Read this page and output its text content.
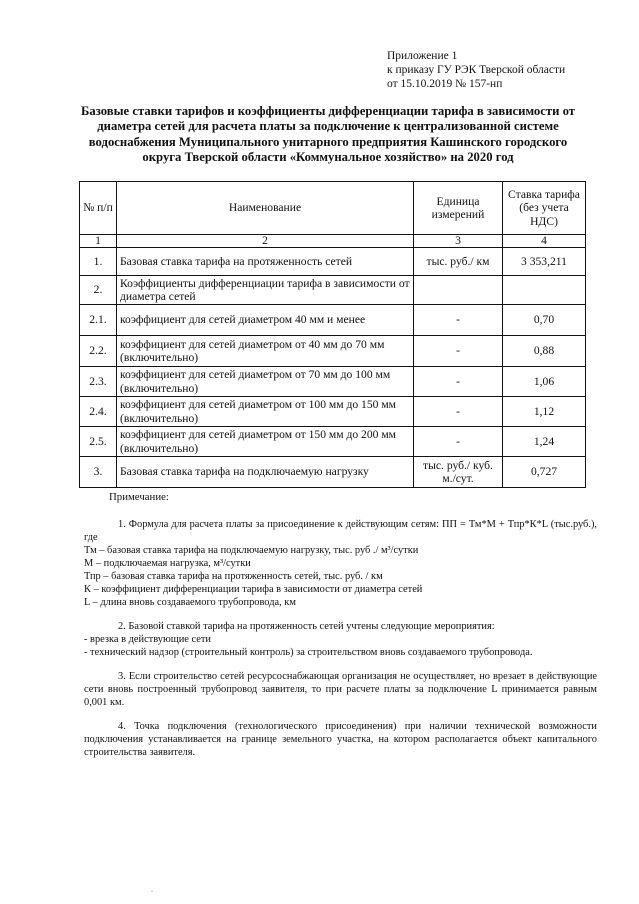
Приложение 1
к приказу ГУ РЭК Тверской области
от 15.10.2019 № 157-нп
Базовые ставки тарифов и коэффициенты дифференциации тарифа в зависимости от диаметра сетей для расчета платы за подключение к централизованной системе водоснабжения Муниципального унитарного предприятия Кашинского городского округа Тверской области «Коммунальное хозяйство» на 2020 год
№ п/п	Наименование	Единица измерений	Ставка тарифа (без учета НДС)
1	2	3	4
1.	Базовая ставка тарифа на протяженность сетей	тыс. руб./ км	3 353,211
2.	Коэффициенты дифференциации тарифа в зависимости от диаметра сетей		
2.1.	коэффициент для сетей диаметром 40 мм и менее	-	0,70
2.2.	коэффициент для сетей диаметром от 40 мм до 70 мм (включительно)	-	0,88
2.3.	коэффициент для сетей диаметром от 70 мм до 100 мм (включительно)	-	1,06
2.4.	коэффициент для сетей диаметром от 100 мм до 150 мм (включительно)	-	1,12
2.5.	коэффициент для сетей диаметром от 150 мм до 200 мм (включительно)	-	1,24
3.	Базовая ставка тарифа на подключаемую нагрузку	тыс. руб./ куб. м./сут.	0,727
Примечание:

1. Формула для расчета платы за присоединение к действующим сетям: ПП = Тм*М + Тпр*К*L (тыс.руб.), где

Тм – базовая ставка тарифа на подключаемую нагрузку, тыс. руб ./ м³/сутки

М – подключаемая нагрузка, м³/сутки

Тпр – базовая ставка тарифа на протяженность сетей, тыс. руб. / км

К – коэффициент дифференциации тарифа в зависимости от диаметра сетей

L – длина вновь создаваемого трубопровода, км

2. Базовой ставкой тарифа на протяженность сетей учтены следующие мероприятия:

- врезка в действующие сети

- технический надзор (строительный контроль) за строительством вновь создаваемого трубопровода.

3. Если строительство сетей ресурсоснабжающая организация не осуществляет, но врезает в действующие сети вновь построенный трубопровод заявителя, то при расчете платы за подключение L принимается равным 0,001 км.

4. Точка подключения (технологического присоединения) при наличии технической возможности подключения устанавливается на границе земельного участка, на котором располагается объект капитального строительства заявителя.

.
